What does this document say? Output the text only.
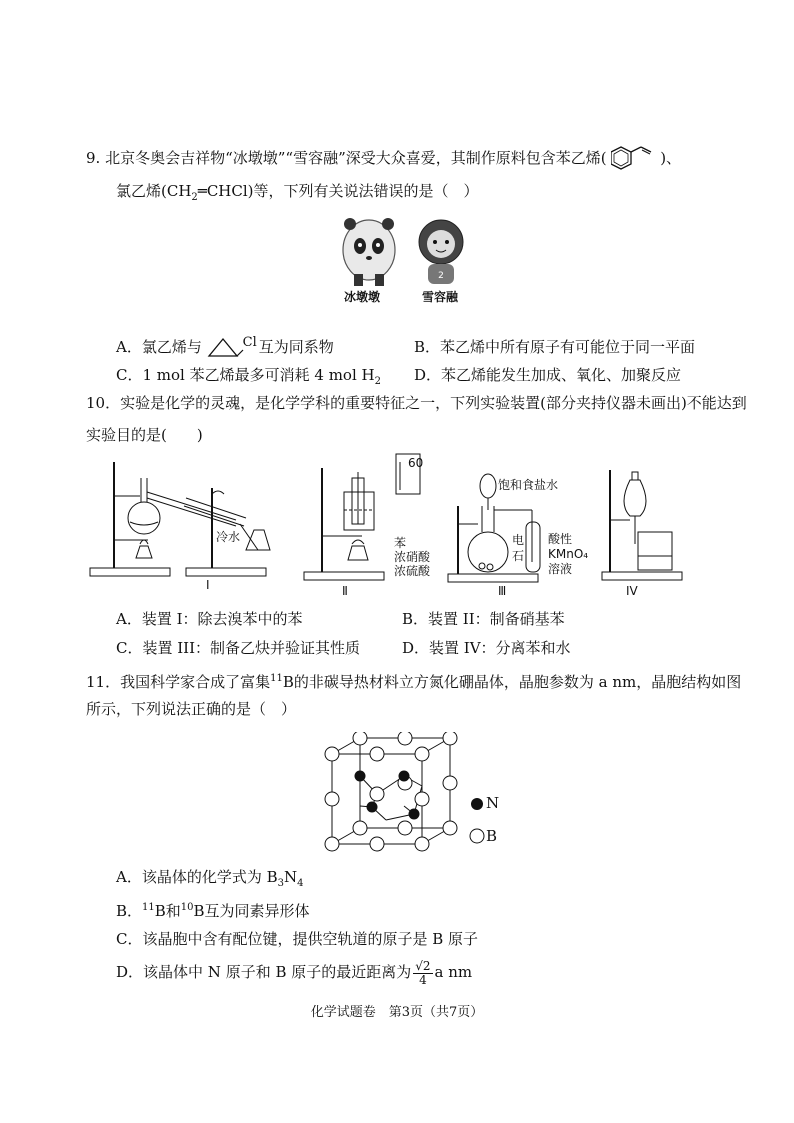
9. 北京冬奥会吉祥物“冰墩墩”“雪容融”深受大众喜爱，其制作原料包含苯乙烯(	)、
氯乙烯$(CH_2═CHCl)$等，下列有关说法错误的是（　）
2
冰墩墩	雪容融
A．氯乙烯与	Cl 互为同系物	B．苯乙烯中所有原子有可能位于同一平面
C．1 mol 苯乙烯最多可消耗 4 mol $H_2$ D．苯乙烯能发生加成、氧化、加聚反应
10．实验是化学的灵魂，是化学学科的重要特征之一，下列实验装置(部分夹持仪器未画出)不能达到
实验目的是(　　)
冷水
I
60
苯
浓硝酸
浓硫酸
Ⅱ
饱和食盐水
电
石
酸性
KMnO₄
溶液
Ⅲ	IV
A．装置 I：除去溴苯中的苯	B．装置 II：制备硝基苯
C．装置 III：制备乙炔并验证其性质	D．装置 IV：分离苯和水
11．我国科学家合成了富集$^{11}$B的非碳导热材料立方氮化硼晶体，晶胞参数为 a nm，晶胞结构如图
所示，下列说法正确的是（　）
N
B
A．该晶体的化学式为 $B_3N_4$
B．$^{11}$B和$^{10}$B互为同素异形体
C．该晶胞中含有配位键，提供空轨道的原子是 B 原子
D．该晶体中 N 原子和 B 原子的最近距离为 $\frac{√2}{4}$ a nm
化学试题卷　第3页（共7页）
